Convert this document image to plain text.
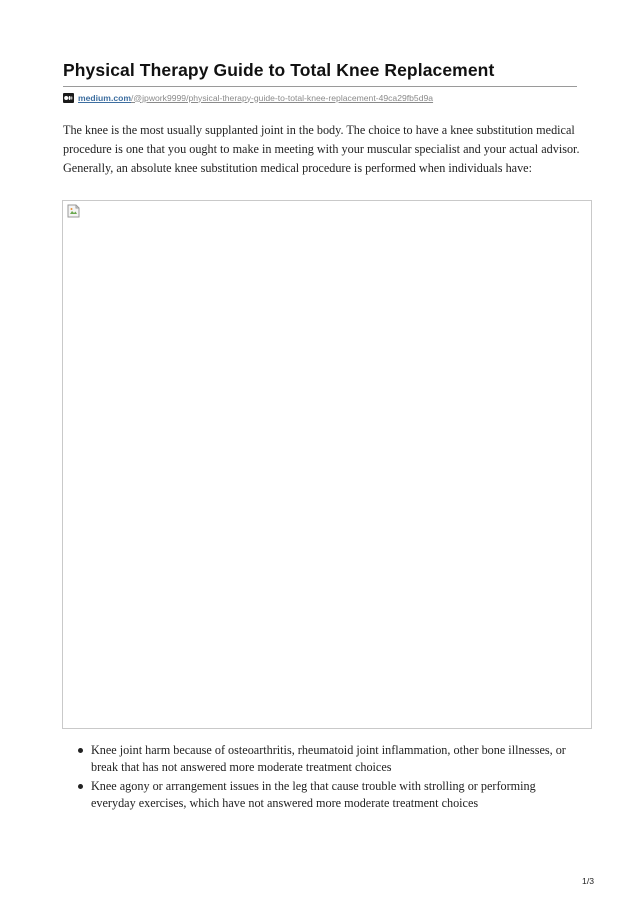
Physical Therapy Guide to Total Knee Replacement
medium.com /@jpwork9999/physical-therapy-guide-to-total-knee-replacement-49ca29fb5d9a

The knee is the most usually supplanted joint in the body. The choice to have a knee substitution medical procedure is one that you ought to make in meeting with your muscular specialist and your actual advisor. Generally, an absolute knee substitution medical procedure is performed when individuals have:

Knee joint harm because of osteoarthritis, rheumatoid joint inflammation, other bone illnesses, or break that has not answered more moderate treatment choices
Knee agony or arrangement issues in the leg that cause trouble with strolling or performing everyday exercises, which have not answered more moderate treatment choices
1/3
